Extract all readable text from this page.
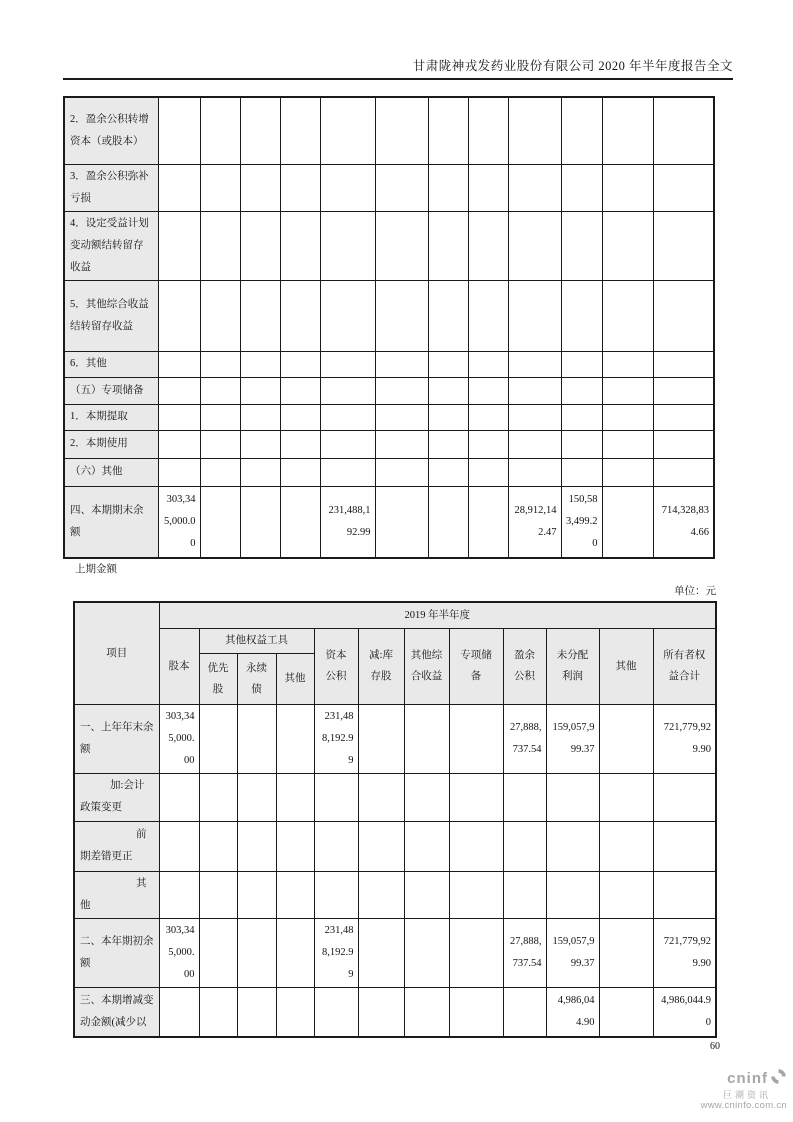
甘肃陇神戎发药业股份有限公司 2020 年半年度报告全文
2．盈余公积转增资本（或股本）												
3．盈余公积弥补亏损												
4．设定受益计划变动额结转留存收益												
5．其他综合收益结转留存收益												
6．其他												
（五）专项储备												
1．本期提取												
2．本期使用												
（六）其他												
四、本期期末余额	303,345,000.00				231,488,192.99				28,912,142.47	150,583,499.20		714,328,834.66
上期金额
单位：元
项目	2019 年半年度											
	股本	其他权益工具			资本公积	减:库存股	其他综合收益	专项储备	盈余公积	未分配利润	其他	所有者权益合计
		优先股	永续债	其他								
一、上年年末余额	303,345,000.00				231,488,192.99				27,888,737.54	159,057,999.37		721,779,929.90
加:会计政策变更												
前期差错更正												
其他												
二、本年期初余额	303,345,000.00				231,488,192.99				27,888,737.54	159,057,999.37		721,779,929.90
三、本期增减变动金额(减少以										4,986,044.90		4,986,044.90
60
cninf
巨潮资讯
www.cninfo.com.cn
